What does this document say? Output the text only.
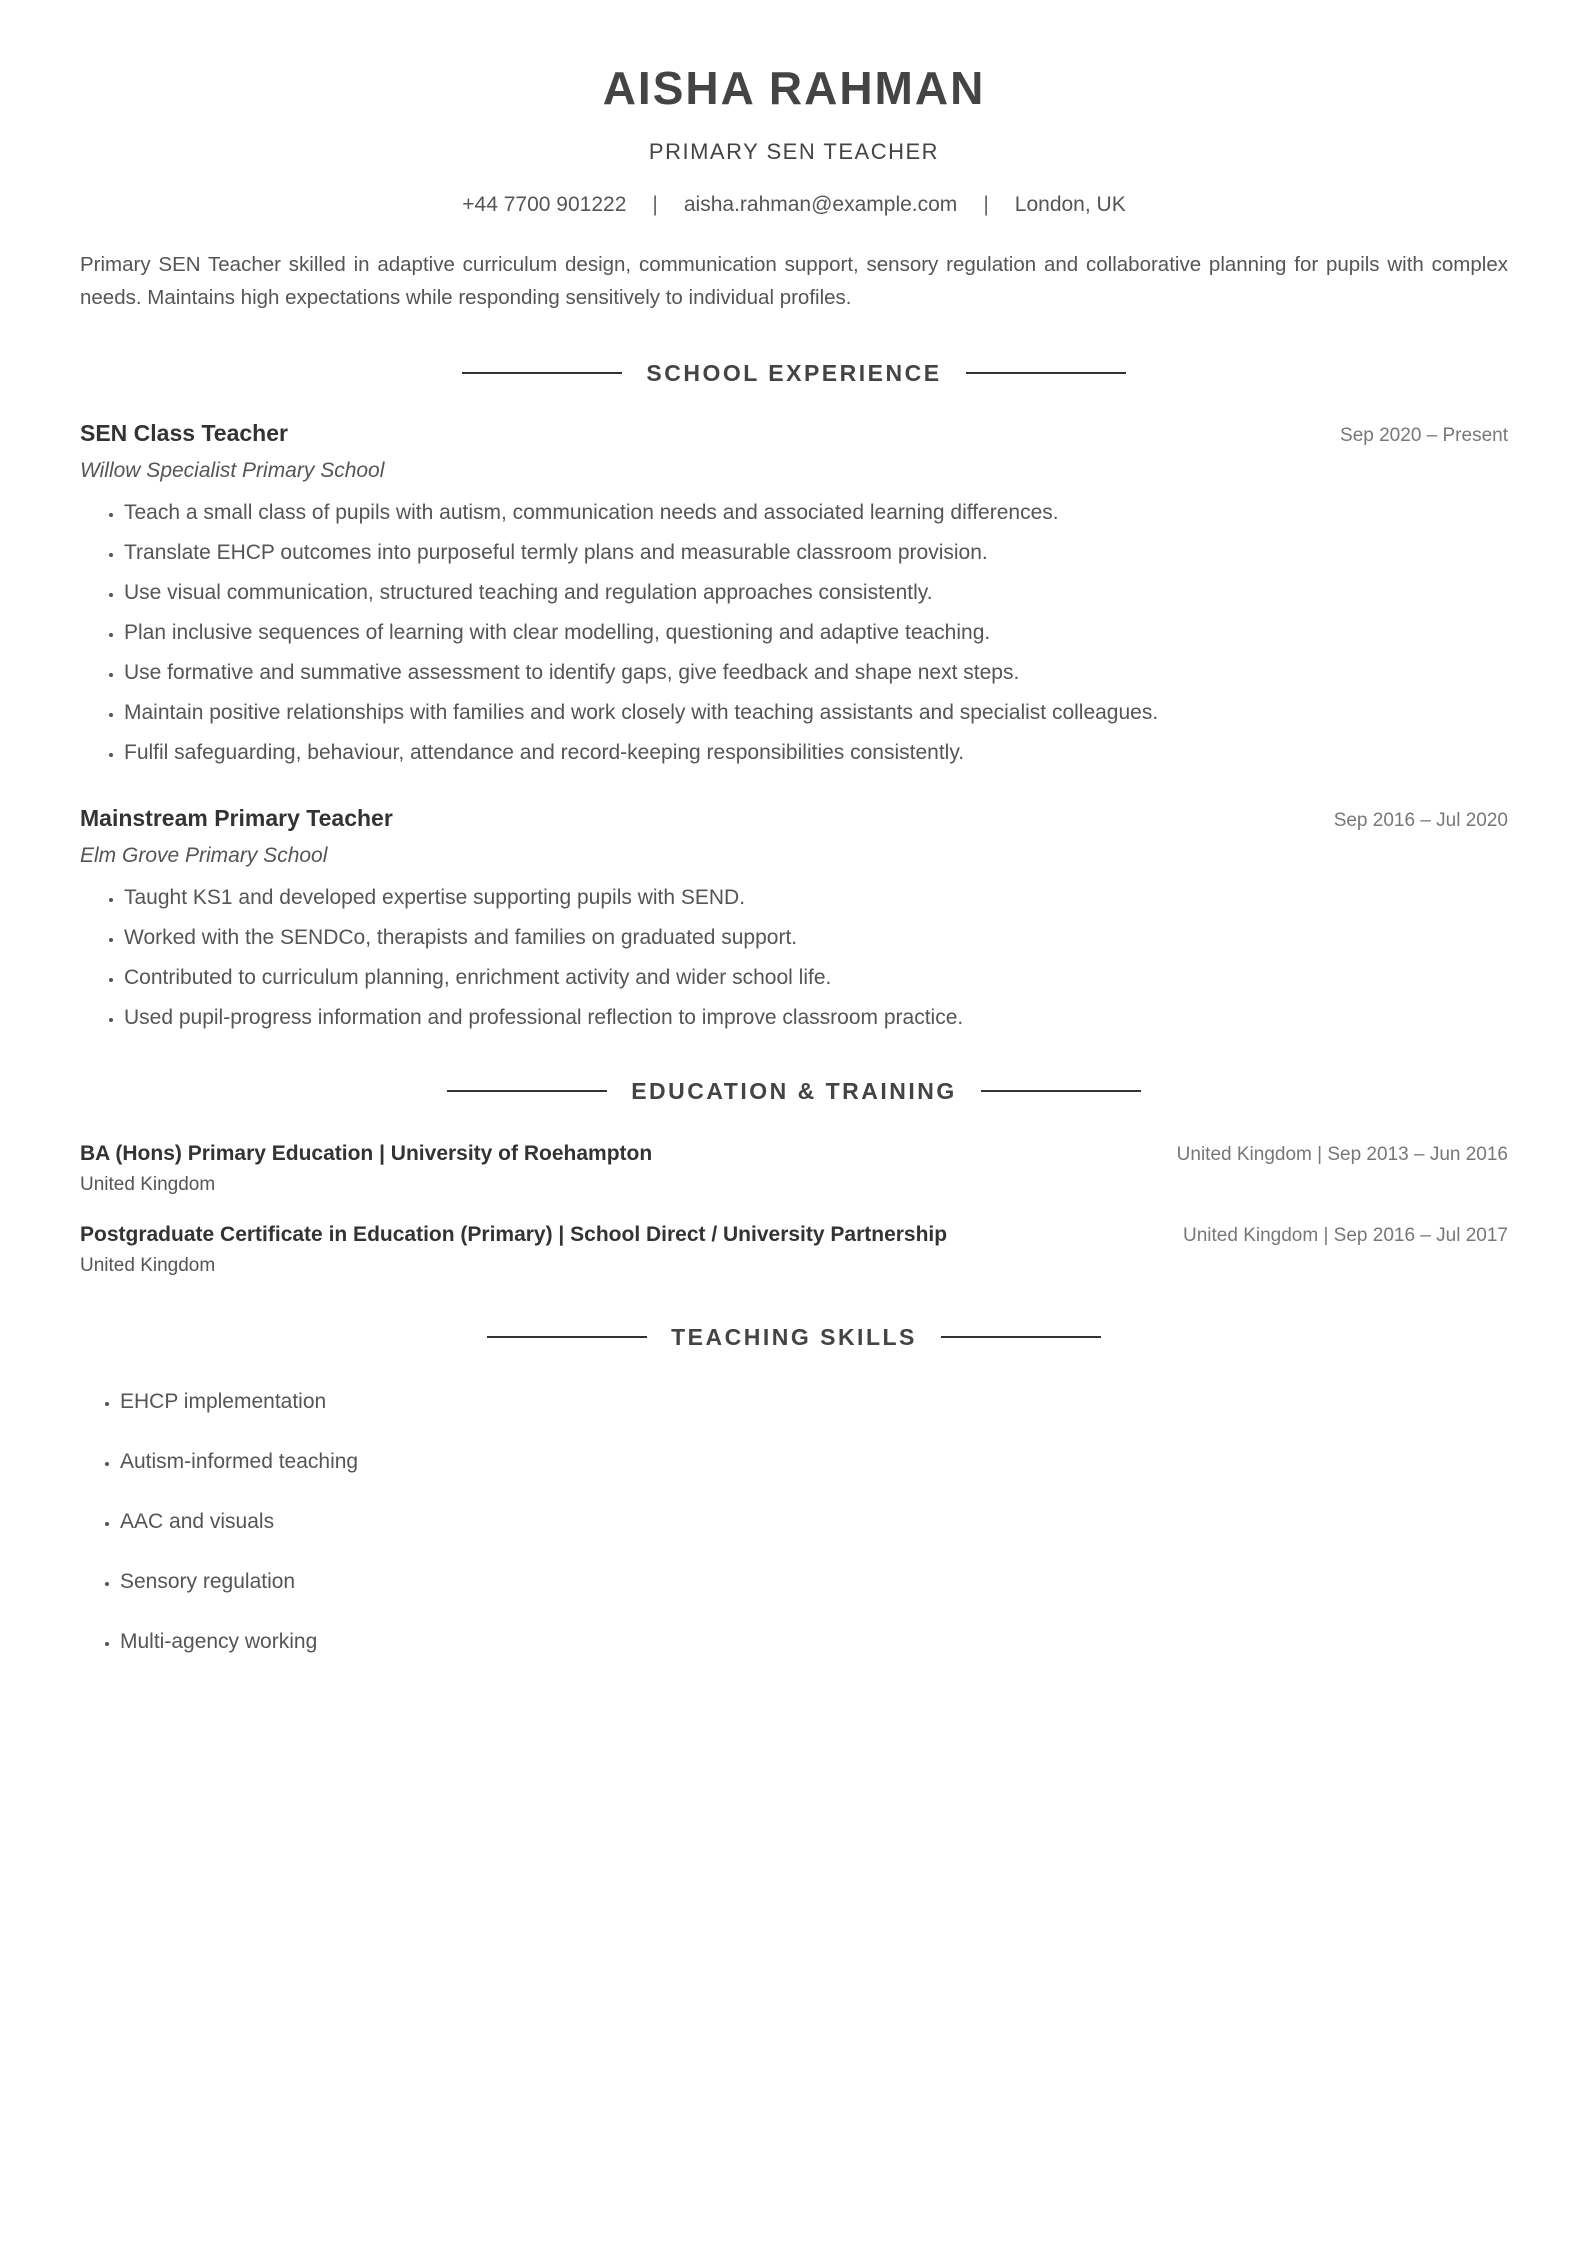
AISHA RAHMAN
PRIMARY SEN TEACHER
+44 7700 901222 | aisha.rahman@example.com | London, UK

Primary SEN Teacher skilled in adaptive curriculum design, communication support, sensory regulation and collaborative planning for pupils with complex needs. Maintains high expectations while responding sensitively to individual profiles.

SCHOOL EXPERIENCE
SEN Class Teacher	Sep 2020 – Present
Willow Specialist Primary School
• Teach a small class of pupils with autism, communication needs and associated learning differences.
• Translate EHCP outcomes into purposeful termly plans and measurable classroom provision.
• Use visual communication, structured teaching and regulation approaches consistently.
• Plan inclusive sequences of learning with clear modelling, questioning and adaptive teaching.
• Use formative and summative assessment to identify gaps, give feedback and shape next steps.
• Maintain positive relationships with families and work closely with teaching assistants and specialist colleagues.
• Fulfil safeguarding, behaviour, attendance and record-keeping responsibilities consistently.
Mainstream Primary Teacher	Sep 2016 – Jul 2020
Elm Grove Primary School
• Taught KS1 and developed expertise supporting pupils with SEND.
• Worked with the SENDCo, therapists and families on graduated support.
• Contributed to curriculum planning, enrichment activity and wider school life.
• Used pupil-progress information and professional reflection to improve classroom practice.
EDUCATION & TRAINING
BA (Hons) Primary Education | University of Roehampton	United Kingdom | Sep 2013 – Jun 2016
United Kingdom
Postgraduate Certificate in Education (Primary) | School Direct / University Partnership	United Kingdom | Sep 2016 – Jul 2017
United Kingdom
TEACHING SKILLS
• EHCP implementation
• Autism-informed teaching
• AAC and visuals
• Sensory regulation
• Multi-agency working
